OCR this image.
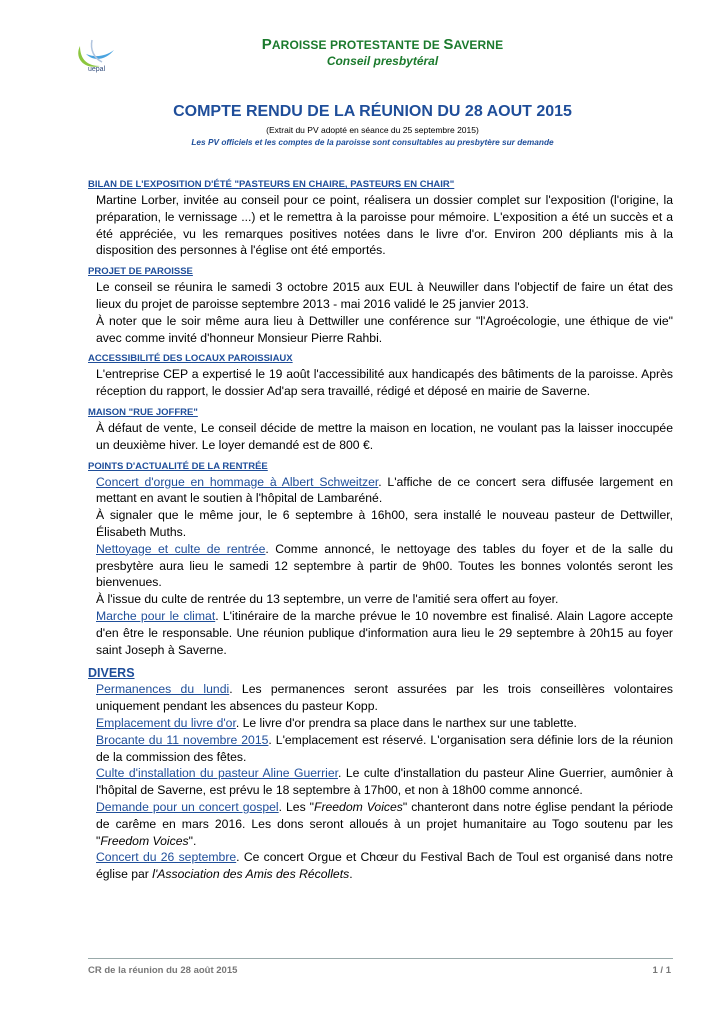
uepal
PAROISSE PROTESTANTE DE SAVERNE
Conseil presbytéral
COMPTE RENDU DE LA RÉUNION DU 28 AOUT 2015
(Extrait du PV adopté en séance du 25 septembre 2015)
Les PV officiels et les comptes de la paroisse sont consultables au presbytère sur demande
BILAN DE L'EXPOSITION D'ÉTÉ "PASTEURS EN CHAIRE, PASTEURS EN CHAIR"

Martine Lorber, invitée au conseil pour ce point, réalisera un dossier complet sur l'exposition (l'origine, la préparation, le vernissage ...) et le remettra à la paroisse pour mémoire. L'exposition a été un succès et a été appréciée, vu les remarques positives notées dans le livre d'or. Environ 200 dépliants mis à la disposition des personnes à l'église ont été emportés.

PROJET DE PAROISSE

Le conseil se réunira le samedi 3 octobre 2015 aux EUL à Neuwiller dans l'objectif de faire un état des lieux du projet de paroisse septembre 2013 - mai 2016 validé le 25 janvier 2013.

À noter que le soir même aura lieu à Dettwiller une conférence sur "l'Agroécologie, une éthique de vie" avec comme invité d'honneur Monsieur Pierre Rahbi.

ACCESSIBILITÉ DES LOCAUX PAROISSIAUX

L'entreprise CEP a expertisé le 19 août l'accessibilité aux handicapés des bâtiments de la paroisse. Après réception du rapport, le dossier Ad'ap sera travaillé, rédigé et déposé en mairie de Saverne.

MAISON "RUE JOFFRE"

À défaut de vente, Le conseil décide de mettre la maison en location, ne voulant pas la laisser inoccupée un deuxième hiver. Le loyer demandé est de 800 €.

POINTS D'ACTUALITÉ DE LA RENTRÉE

Concert d'orgue en hommage à Albert Schweitzer. L'affiche de ce concert sera diffusée largement en mettant en avant le soutien à l'hôpital de Lambaréné.

À signaler que le même jour, le 6 septembre à 16h00, sera installé le nouveau pasteur de Dettwiller, Élisabeth Muths.

Nettoyage et culte de rentrée. Comme annoncé, le nettoyage des tables du foyer et de la salle du presbytère aura lieu le samedi 12 septembre à partir de 9h00. Toutes les bonnes volontés seront les bienvenues.

À l'issue du culte de rentrée du 13 septembre, un verre de l'amitié sera offert au foyer.

Marche pour le climat. L'itinéraire de la marche prévue le 10 novembre est finalisé. Alain Lagore accepte d'en être le responsable. Une réunion publique d'information aura lieu le 29 septembre à 20h15 au foyer saint Joseph à Saverne.

DIVERS

Permanences du lundi. Les permanences seront assurées par les trois conseillères volontaires uniquement pendant les absences du pasteur Kopp.

Emplacement du livre d'or. Le livre d'or prendra sa place dans le narthex sur une tablette.

Brocante du 11 novembre 2015. L'emplacement est réservé. L'organisation sera définie lors de la réunion de la commission des fêtes.

Culte d'installation du pasteur Aline Guerrier. Le culte d'installation du pasteur Aline Guerrier, aumônier à l'hôpital de Saverne, est prévu le 18 septembre à 17h00, et non à 18h00 comme annoncé.

Demande pour un concert gospel. Les "Freedom Voices" chanteront dans notre église pendant la période de carême en mars 2016. Les dons seront alloués à un projet humanitaire au Togo soutenu par les "Freedom Voices".

Concert du 26 septembre. Ce concert Orgue et Chœur du Festival Bach de Toul est organisé dans notre église par l'Association des Amis des Récollets.

CR de la réunion du 28 août 2015	1 / 1
